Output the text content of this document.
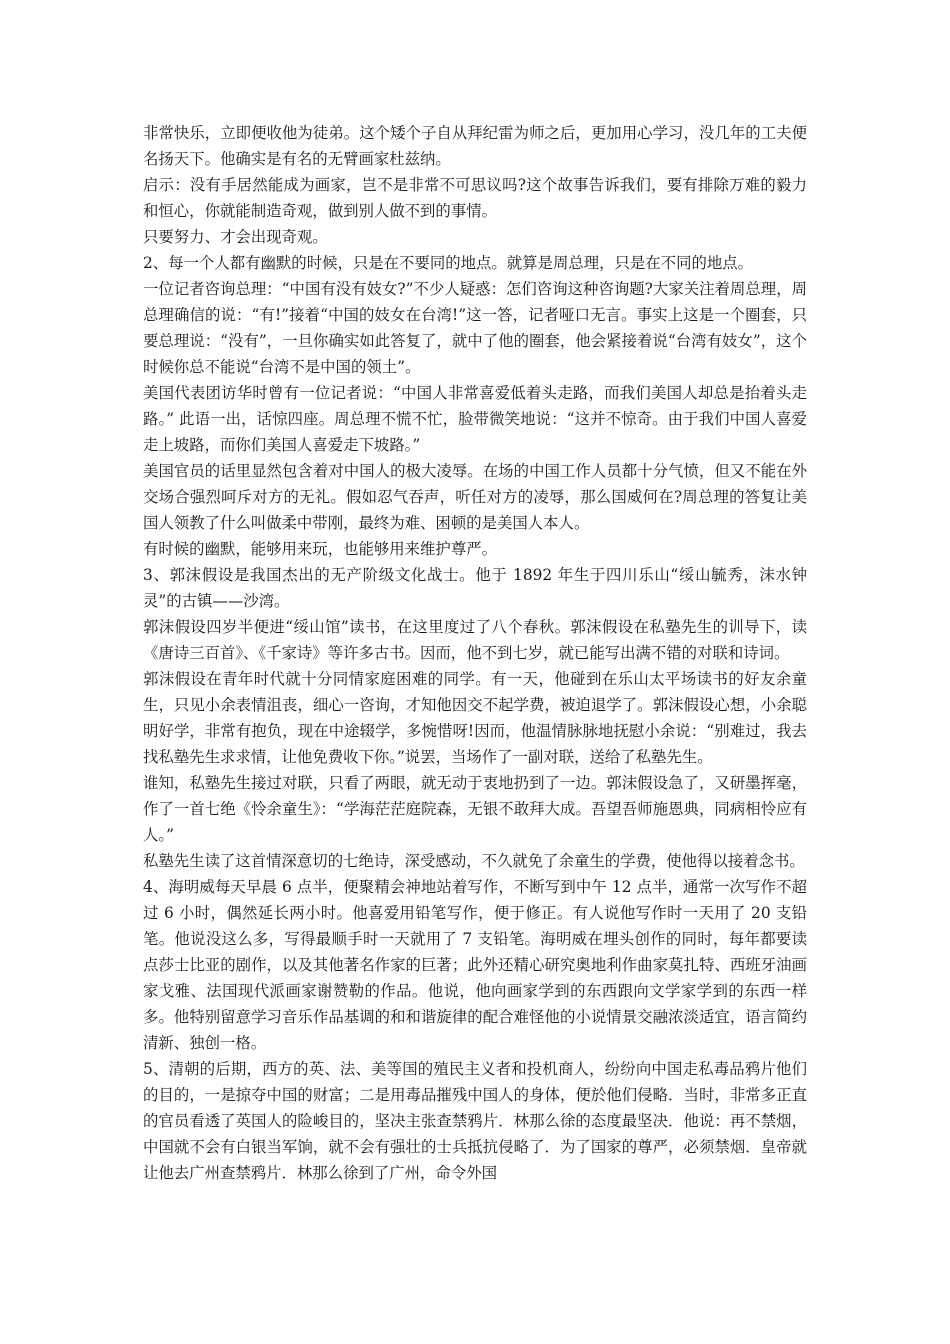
非常快乐，立即便收他为徒弟。这个矮个子自从拜纪雷为师之后，更加用心学习，没几年的工夫便名扬天下。他确实是有名的无臂画家杜兹纳。

启示：没有手居然能成为画家，岂不是非常不可思议吗?这个故事告诉我们，要有排除万难的毅力和恒心，你就能制造奇观，做到别人做不到的事情。

只要努力、才会出现奇观。

2、每一个人都有幽默的时候，只是在不要同的地点。就算是周总理，只是在不同的地点。

一位记者咨询总理：“中国有没有妓女?”不少人疑惑：怎们咨询这种咨询题?大家关注着周总理，周总理确信的说：“有!”接着“中国的妓女在台湾!”这一答，记者哑口无言。事实上这是一个圈套，只要总理说：“没有”，一旦你确实如此答复了，就中了他的圈套，他会紧接着说“台湾有妓女”，这个时候你总不能说“台湾不是中国的领土”。

美国代表团访华时曾有一位记者说：“中国人非常喜爱低着头走路，而我们美国人却总是抬着头走路。” 此语一出，话惊四座。周总理不慌不忙，脸带微笑地说：“这并不惊奇。由于我们中国人喜爱走上坡路，而你们美国人喜爱走下坡路。”

美国官员的话里显然包含着对中国人的极大凌辱。在场的中国工作人员都十分气愤，但又不能在外交场合强烈呵斥对方的无礼。假如忍气吞声，听任对方的凌辱，那么国威何在?周总理的答复让美国人领教了什么叫做柔中带刚，最终为难、困顿的是美国人本人。

有时候的幽默，能够用来玩，也能够用来维护尊严。

3、郭沫假设是我国杰出的无产阶级文化战士。他于 1892 年生于四川乐山“绥山毓秀，沫水钟灵”的古镇——沙湾。

郭沫假设四岁半便进“绥山馆”读书，在这里度过了八个春秋。郭沫假设在私塾先生的训导下，读《唐诗三百首》、《千家诗》等许多古书。因而，他不到七岁，就已能写出满不错的对联和诗词。

郭沫假设在青年时代就十分同情家庭困难的同学。有一天，他碰到在乐山太平场读书的好友余童生，只见小余表情沮丧，细心一咨询，才知他因交不起学费，被迫退学了。郭沫假设心想，小余聪明好学，非常有抱负，现在中途辍学，多惋惜呀!因而，他温情脉脉地抚慰小余说：“别难过，我去找私塾先生求求情，让他免费收下你。”说罢，当场作了一副对联，送给了私塾先生。

谁知，私塾先生接过对联，只看了两眼，就无动于衷地扔到了一边。郭沫假设急了，又研墨挥毫，作了一首七绝《怜余童生》：“学海茫茫庭院森，无银不敢拜大成。吾望吾师施恩典，同病相怜应有人。”

私塾先生读了这首情深意切的七绝诗，深受感动，不久就免了余童生的学费，使他得以接着念书。

4、海明威每天早晨 6 点半，便聚精会神地站着写作，不断写到中午 12 点半，通常一次写作不超过 6 小时，偶然延长两小时。他喜爱用铅笔写作，便于修正。有人说他写作时一天用了 20 支铅笔。他说没这么多，写得最顺手时一天就用了 7 支铅笔。海明威在埋头创作的同时，每年都要读点莎士比亚的剧作，以及其他著名作家的巨著；此外还精心研究奥地利作曲家莫扎特、西班牙油画家戈雅、法国现代派画家谢赞勒的作品。他说，他向画家学到的东西跟向文学家学到的东西一样多。他特别留意学习音乐作品基调的和和谐旋律的配合难怪他的小说情景交融浓淡适宜，语言简约清新、独创一格。

5、清朝的后期，西方的英、法、美等国的殖民主义者和投机商人，纷纷向中国走私毒品鸦片他们的目的，一是掠夺中国的财富；二是用毒品摧残中国人的身体，便於他们侵略．当时，非常多正直的官员看透了英国人的险峻目的，坚决主张查禁鸦片．林那么徐的态度最坚决．他说：再不禁烟，中国就不会有白银当军饷，就不会有强壮的士兵抵抗侵略了．为了国家的尊严，必须禁烟．皇帝就让他去广州查禁鸦片．林那么徐到了广州，命令外国
